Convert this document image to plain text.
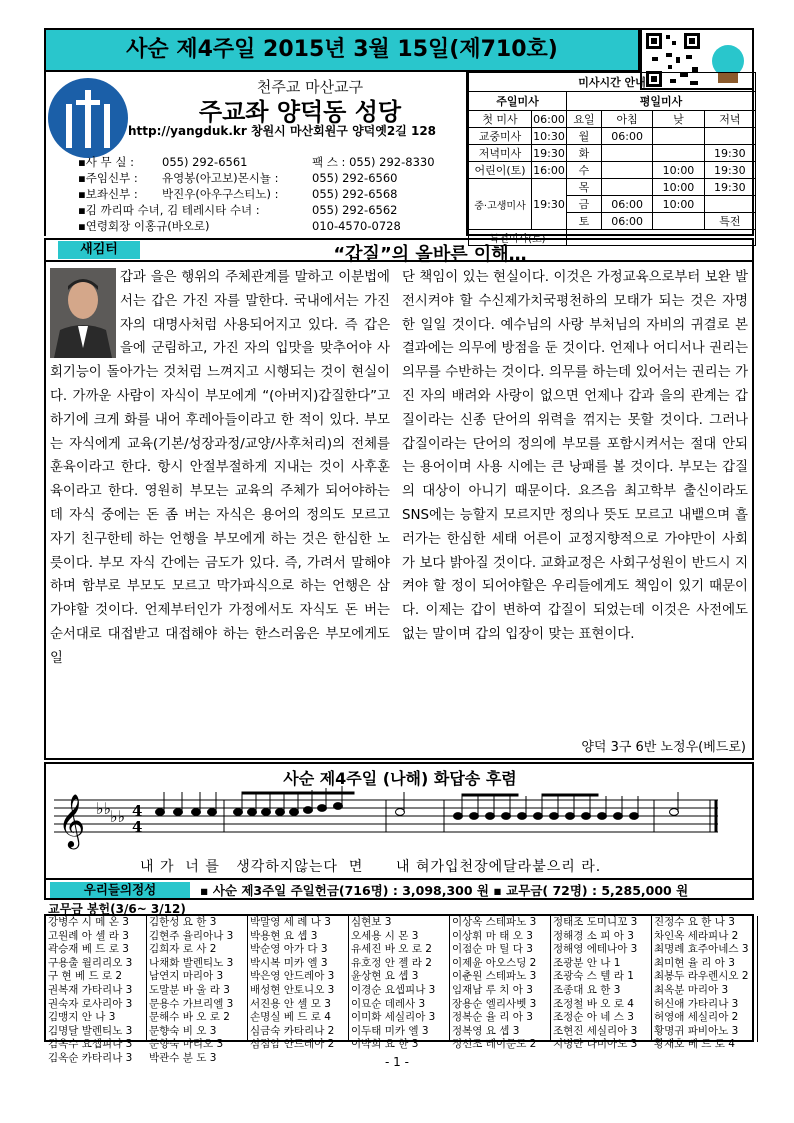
사순 제4주일 2015년 3월 15일(제710호)
천주교 마산교구
주교좌 양덕동 성당
http://yangduk.kr 창원시 마산회원구 양덕옛2길 128
▪사 무 실 : 055) 292-6561	팩 스 : 055) 292-8330
▪주임신부 : 유영봉(아고보)몬시뇰 :	055) 292-6560
▪보좌신부 : 박진우(아우구스티노) :	055) 292-6568
▪김 까리따 수녀, 김 테레시타 수녀 :	055) 292-6562
▪연령회장 이홍규(바오로)	010-4570-0728
미사시간 안내					
주일미사		평일미사			
첫 미사	06:00	요일	아침	낮	저녁
교중미사	10:30	월	06:00		
저녁미사	19:30	화			19:30
어린이(토)	16:00	수		10:00	19:30
중·고생미사	19:30	목		10:00	19:30
		금	06:00	10:00	
		토	06:00		특전
특전미사(토)					
새김터	“갑질”의 올바른 이해…
갑과 을은 행위의 주체관계를 말하고 이분법에서는 갑은 가진 자를 말한다. 국내에서는 가진 자의 대명사처럼 사용되어지고 있다. 즉 갑은 을에 군림하고, 가진 자의 입맛을 맞추어야 사회기능이 돌아가는 것처럼 느껴지고 시행되는 것이 현실이다. 가까운 사람이 자식이 부모에게 “(아버지)갑질한다”고 하기에 크게 화를 내어 후레아들이라고 한 적이 있다. 부모는 자식에게 교육(기본/성장과정/교양/사후처리)의 전체를 훈육이라고 한다. 항시 안절부절하게 지내는 것이 사후훈육이라고 한다. 영원히 부모는 교육의 주체가 되어야하는데 자식 중에는 돈 좀 버는 자식은 용어의 정의도 모르고 자기 친구한테 하는 언행을 부모에게 하는 것은 한심한 노릇이다. 부모 자식 간에는 금도가 있다. 즉, 가려서 말해야하며 함부로 부모도 모르고 막가파식으로 하는 언행은 삼가야할 것이다. 언제부터인가 가정에서도 자식도 돈 버는 순서대로 대접받고 대접해야 하는 한스러움은 부모에게도 일
단 책임이 있는 현실이다. 이것은 가정교육으로부터 보완 발전시켜야 할 수신제가치국평천하의 모태가 되는 것은 자명한 일일 것이다. 예수님의 사랑 부처님의 자비의 귀결로 본 결과에는 의무에 방점을 둔 것이다. 언제나 어디서나 권리는 의무를 수반하는 것이다. 의무를 하는데 있어서는 권리는 가진 자의 배려와 사랑이 없으면 언제나 갑과 을의 관계는 갑질이라는 신종 단어의 위력을 꺾지는 못할 것이다. 그러나 갑질이라는 단어의 정의에 부모를 포함시켜서는 절대 안되는 용어이며 사용 시에는 큰 낭패를 볼 것이다. 부모는 갑질의 대상이 아니기 때문이다. 요즈음 최고학부 출신이라도 SNS에는 능할지 모르지만 정의나 뜻도 모르고 내뱉으며 흘러가는 한심한 세태 어른이 교정지향적으로 가야만이 사회가 보다 밝아질 것이다. 교화교정은 사회구성원이 반드시 지켜야 할 정이 되어야할은 우리들에게도 책임이 있기 때문이다. 이제는 갑이 변하여 갑질이 되었는데 이것은 사전에도 없는 말이며 갑의 입장이 맞는 표현이다.
양덕 3구 6반 노정우(베드로)
사순 제4주일 (나해) 화답송 후렴
𝄞 ♭♭
♭♭ 4
4
내 가  너 를   생각하지않는다  면      내 혀가입천장에달라붙으리 라.
우리들의정성	▪ 사순 제3주일 주일헌금(716명) : 3,098,300 원 ▪ 교무금( 72명) : 5,285,000 원
교무금 봉헌(3/6~ 3/12)
강병수 시 메 온 3
고원례 아 셀 라 3
곽승재 베 드 로 3
구용출 월리리오 3
구 현 베 드 로 2
권복재 가타리나 3
권숙자 로사리아 3
김맹지 안 나 3
김명달 발렌티노 3
김옥수 요셉피나 3
김옥순 카타리나 3
김한성 요 한 3
김현주 율리아나 3
김희자 로 사 2
나채화 발렌티노 3
남연지 마리아 3
도말분 바 울 라 3
문용수 가브리엘 3
문해수 바 오 로 2
문향숙 비 오 3
문향숙 마리오 3
박관수 분 도 3
박말영 세 례 나 3
박용현 요 셉 3
박순영 아가 다 3
박시복 미카 엘 3
박은영 안드레아 3
배성현 안토니오 3
서진용 안 셀 모 3
손명실 베 드 로 4
심금숙 카타리나 2
심점암 안드레아 2
심현보 3
오세용 시 몬 3
유세진 바 오 로 2
유호정 안 젤 라 2
윤상현 요 셉 3
이경순 요셉피나 3
이묘순 데레사 3
이미화 세실리아 3
이두태 미카 엘 3
이박희 요 한 3
이상옥 스테파노 3
이상휘 마 태 오 3
이점순 마 틸 다 3
이제윤 아오스딩 2
이춘원 스테파노 3
임재남 루 치 아 3
장용순 엘리사벳 3
정복순 율 리 아 3
정복영 요 셉 3
정선조 레이문도 2
정태조 도미니꼬 3
정해경 소 피 아 3
정해영 에테나아 3
조광분 안 나 1
조광숙 스 텔 라 1
조종대 요 한 3
조정철 바 오 로 4
조정순 아 네 스 3
조현진 세실리아 3
지병만 다미아노 3
진정수 요 한 나 3
차인옥 세라피나 2
최명례 효주아네스 3
최미현 율 리 아 3
최봉두 라우렌시오 2
최옥분 마리아 3
허신애 가타리나 3
허영애 세실리아 2
황명귀 파비아노 3
황재호 베 드 로 4
- 1 -
